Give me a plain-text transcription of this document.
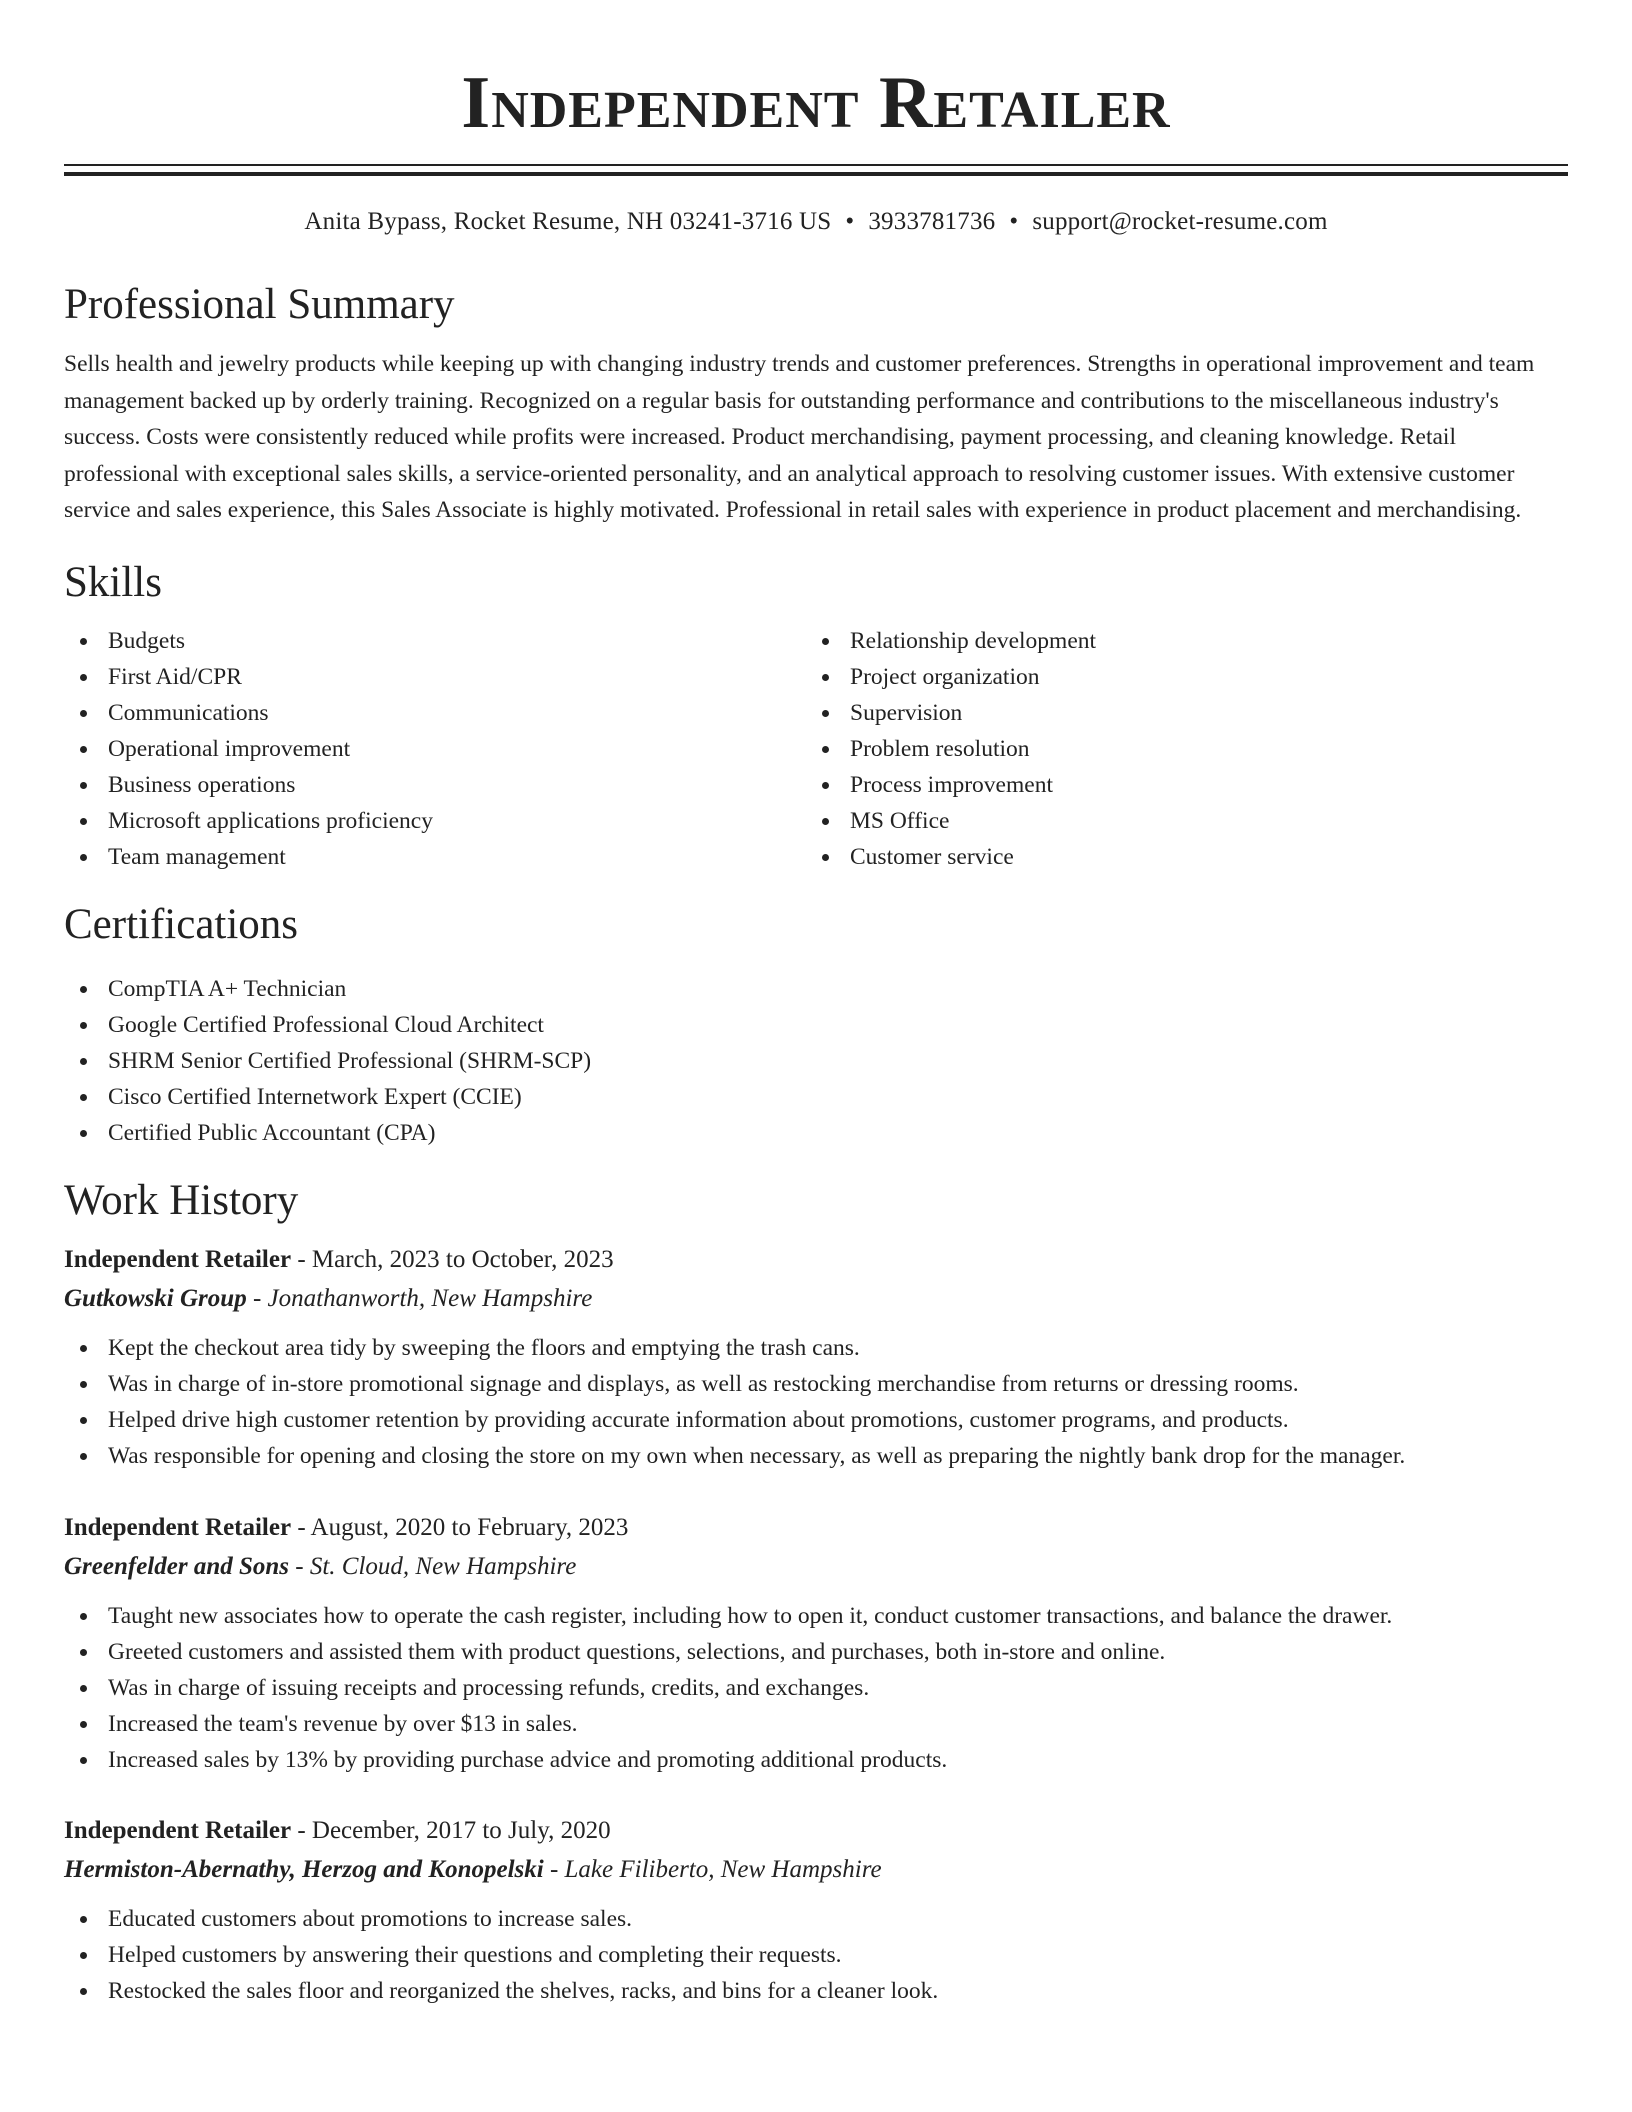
Independent Retailer
Anita Bypass, Rocket Resume, NH 03241-3716 US • 3933781736 • support@rocket-resume.com
Professional Summary

Sells health and jewelry products while keeping up with changing industry trends and customer preferences. Strengths in operational improvement and team management backed up by orderly training. Recognized on a regular basis for outstanding performance and contributions to the miscellaneous industry's success. Costs were consistently reduced while profits were increased. Product merchandising, payment processing, and cleaning knowledge. Retail professional with exceptional sales skills, a service-oriented personality, and an analytical approach to resolving customer issues. With extensive customer service and sales experience, this Sales Associate is highly motivated. Professional in retail sales with experience in product placement and merchandising.

Skills
Budgets
First Aid/CPR
Communications
Operational improvement
Business operations
Microsoft applications proficiency
Team management
Relationship development
Project organization
Supervision
Problem resolution
Process improvement
MS Office
Customer service
Certifications
CompTIA A+ Technician
Google Certified Professional Cloud Architect
SHRM Senior Certified Professional (SHRM-SCP)
Cisco Certified Internetwork Expert (CCIE)
Certified Public Accountant (CPA)
Work History
Independent Retailer - March, 2023 to October, 2023
Gutkowski Group - Jonathanworth, New Hampshire
Kept the checkout area tidy by sweeping the floors and emptying the trash cans.
Was in charge of in-store promotional signage and displays, as well as restocking merchandise from returns or dressing rooms.
Helped drive high customer retention by providing accurate information about promotions, customer programs, and products.
Was responsible for opening and closing the store on my own when necessary, as well as preparing the nightly bank drop for the manager.
Independent Retailer - August, 2020 to February, 2023
Greenfelder and Sons - St. Cloud, New Hampshire
Taught new associates how to operate the cash register, including how to open it, conduct customer transactions, and balance the drawer.
Greeted customers and assisted them with product questions, selections, and purchases, both in-store and online.
Was in charge of issuing receipts and processing refunds, credits, and exchanges.
Increased the team's revenue by over $13 in sales.
Increased sales by 13% by providing purchase advice and promoting additional products.
Independent Retailer - December, 2017 to July, 2020
Hermiston-Abernathy, Herzog and Konopelski - Lake Filiberto, New Hampshire
Educated customers about promotions to increase sales.
Helped customers by answering their questions and completing their requests.
Restocked the sales floor and reorganized the shelves, racks, and bins for a cleaner look.
